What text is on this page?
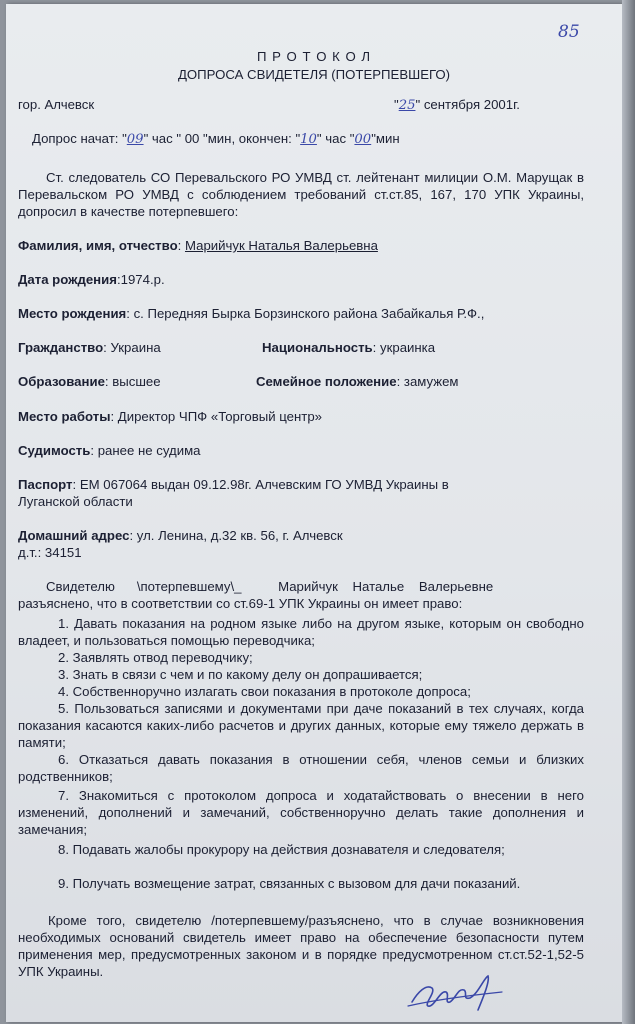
85
П Р О Т О К О Л
ДОПРОСА СВИДЕТЕЛЯ (ПОТЕРПЕВШЕГО)
гор. Алчевск	"25" сентября 2001г.
Допрос начат: "09" час " 00 "мин, окончен: "10" час "00"мин
Ст. следователь СО Перевальского РО УМВД ст. лейтенант милиции О.М. Марущак в Перевальском РО УМВД с соблюдением требований ст.ст.85, 167, 170 УПК Украины, допросил в качестве потерпевшего:
Фамилия, имя, отчество: Марийчук Наталья Валерьевна
Дата рождения:1974.р.
Место рождения: с. Передняя Бырка Борзинского района Забайкалья Р.Ф.,
Гражданство: Украина	Национальность: украинка
Образование: высшее	Семейное положение: замужем
Место работы: Директор ЧПФ «Торговый центр»
Судимость: ранее не судима
Паспорт: ЕМ 067064 выдан 09.12.98г. Алчевским ГО УМВД Украины в
Луганской области
Домашний адрес: ул. Ленина, д.32 кв. 56, г. Алчевск
д.т.: 34151
Свидетелю      \потерпевшему\_          Марийчук    Наталье    Валерьевне
разъяснено, что в соответствии со ст.69-1 УПК Украины он имеет право:
1. Давать показания на родном языке либо на другом языке, которым он свободно владеет, и пользоваться помощью переводчика;
2. Заявлять отвод переводчику;
3. Знать в связи с чем и по какому делу он допрашивается;
4. Собственноручно излагать свои показания в протоколе допроса;
5. Пользоваться записями и документами при даче показаний в тех случаях, когда показания касаются каких-либо расчетов и других данных, которые ему тяжело держать в памяти;
6. Отказаться давать показания в отношении себя, членов семьи и близких родственников;
7. Знакомиться с протоколом допроса и ходатайствовать о внесении в него изменений, дополнений и замечаний, собственноручно делать такие дополнения и замечания;
8. Подавать жалобы прокурору на действия дознавателя и следователя;
9. Получать возмещение затрат, связанных с вызовом для дачи показаний.
Кроме того, свидетелю /потерпевшему/разъяснено, что в случае возникновения необходимых оснований свидетель имеет право на обеспечение безопасности путем применения мер, предусмотренных законом и в порядке предусмотренном ст.ст.52-1,52-5 УПК Украины.
